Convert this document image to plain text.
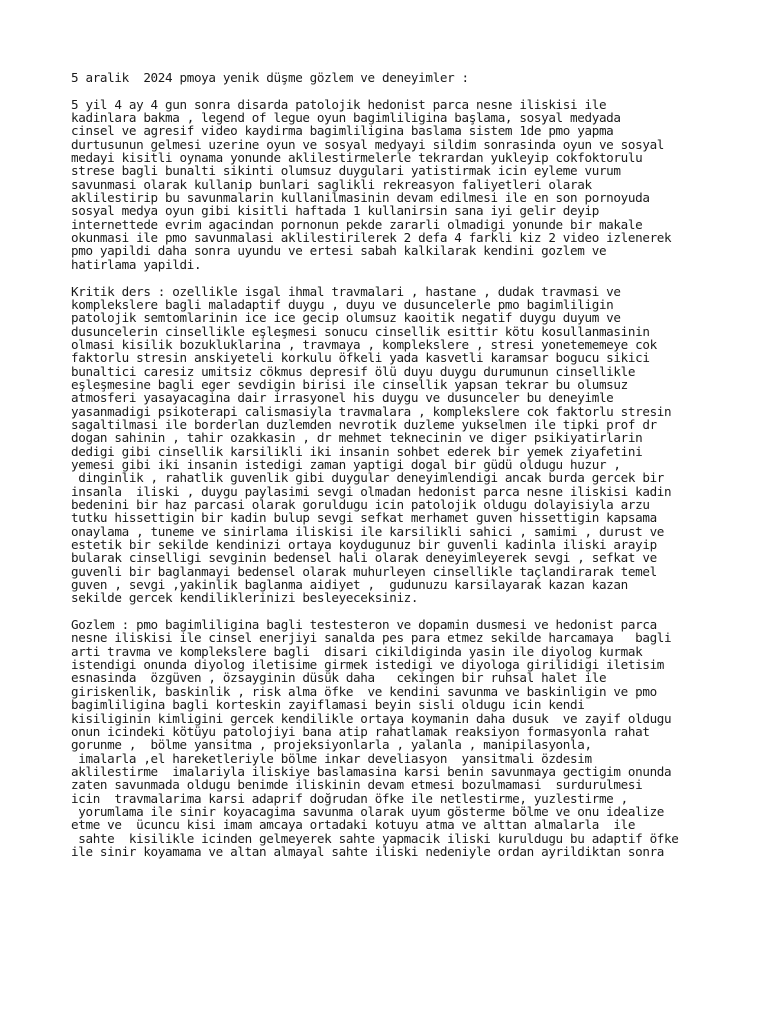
5 aralik  2024 pmoya yenik düşme gözlem ve deneyimler :
5 yil 4 ay 4 gun sonra disarda patolojik hedonist parca nesne iliskisi ile
kadinlara bakma , legend of legue oyun bagimliligina başlama, sosyal medyada
cinsel ve agresif video kaydirma bagimliligina baslama sistem 1de pmo yapma
durtusunun gelmesi uzerine oyun ve sosyal medyayi sildim sonrasinda oyun ve sosyal
medayi kisitli oynama yonunde aklilestirmelerle tekrardan yukleyip cokfoktorulu
strese bagli bunalti sikinti olumsuz duygulari yatistirmak icin eyleme vurum
savunmasi olarak kullanip bunlari saglikli rekreasyon faliyetleri olarak
aklilestirip bu savunmalarin kullanilmasinin devam edilmesi ile en son pornoyuda
sosyal medya oyun gibi kisitli haftada 1 kullanirsin sana iyi gelir deyip
internettede evrim agacindan pornonun pekde zararli olmadigi yonunde bir makale
okunmasi ile pmo savunmalasi aklilestirilerek 2 defa 4 farkli kiz 2 video izlenerek
pmo yapildi daha sonra uyundu ve ertesi sabah kalkilarak kendini gozlem ve
hatirlama yapildi.
Kritik ders : ozellikle isgal ihmal travmalari , hastane , dudak travmasi ve
komplekslere bagli maladaptif duygu , duyu ve dusuncelerle pmo bagimliligin
patolojik semtomlarinin ice ice gecip olumsuz kaoitik negatif duygu duyum ve
dusuncelerin cinsellikle eşleşmesi sonucu cinsellik esittir kötu kosullanmasinin
olmasi kisilik bozukluklarina , travmaya , komplekslere , stresi yonetememeye cok
faktorlu stresin anskiyeteli korkulu öfkeli yada kasvetli karamsar bogucu sikici
bunaltici caresiz umitsiz cökmus depresif ölü duyu duygu durumunun cinsellikle
eşleşmesine bagli eger sevdigin birisi ile cinsellik yapsan tekrar bu olumsuz
atmosferi yasayacagina dair irrasyonel his duygu ve dusunceler bu deneyimle
yasanmadigi psikoterapi calismasiyla travmalara , komplekslere cok faktorlu stresin
sagaltilmasi ile borderlan duzlemden nevrotik duzleme yukselmen ile tipki prof dr
dogan sahinin , tahir ozakkasin , dr mehmet teknecinin ve diger psikiyatirlarin
dedigi gibi cinsellik karsilikli iki insanin sohbet ederek bir yemek ziyafetini
yemesi gibi iki insanin istedigi zaman yaptigi dogal bir güdü oldugu huzur ,
dinginlik , rahatlik guvenlik gibi duygular deneyimlendigi ancak burda gercek bir
insanla  iliski , duygu paylasimi sevgi olmadan hedonist parca nesne iliskisi kadin
bedenini bir haz parcasi olarak goruldugu icin patolojik oldugu dolayisiyla arzu
tutku hissettigin bir kadin bulup sevgi sefkat merhamet guven hissettigin kapsama
onaylama , tuneme ve sinirlama iliskisi ile karsilikli sahici , samimi , durust ve
estetik bir sekilde kendinizi ortaya koydugunuz bir guvenli kadinla iliski arayip
bularak cinselligi sevginin bedensel hali olarak deneyimleyerek sevgi , sefkat ve
guvenli bir baglanmayi bedensel olarak muhurleyen cinsellikle taçlandirarak temel
guven , sevgi ,yakinlik baglanma aidiyet ,  gudunuzu karsilayarak kazan kazan
sekilde gercek kendiliklerinizi besleyeceksiniz.
Gozlem : pmo bagimliligina bagli testesteron ve dopamin dusmesi ve hedonist parca
nesne iliskisi ile cinsel enerjiyi sanalda pes para etmez sekilde harcamaya   bagli
arti travma ve komplekslere bagli  disari cikildiginda yasin ile diyolog kurmak
istendigi onunda diyolog iletisime girmek istedigi ve diyologa girilidigi iletisim
esnasinda  özgüven , özsayginin düsük daha   cekingen bir ruhsal halet ile
giriskenlik, baskinlik , risk alma öfke  ve kendini savunma ve baskinligin ve pmo
bagimliligina bagli korteskin zayiflamasi beyin sisli oldugu icin kendi
kisiliginin kimligini gercek kendilikle ortaya koymanin daha dusuk  ve zayif oldugu
onun icindeki kötüyu patolojiyi bana atip rahatlamak reaksiyon formasyonla rahat
gorunme ,  bölme yansitma , projeksiyonlarla , yalanla , manipilasyonla,
imalarla ,el hareketleriyle bölme inkar develiasyon  yansitmali özdesim
aklilestirme  imalariyla iliskiye baslamasina karsi benin savunmaya gectigim onunda
zaten savunmada oldugu benimde iliskinin devam etmesi bozulmamasi  surdurulmesi
icin  travmalarima karsi adaprif doğrudan öfke ile netlestirme, yuzlestirme ,
yorumlama ile sinir koyacagima savunma olarak uyum gösterme bölme ve onu idealize
etme ve  ücuncu kisi imam amcaya ortadaki kotuyu atma ve alttan almalarla  ile
sahte  kisilikle icinden gelmeyerek sahte yapmacik iliski kuruldugu bu adaptif öfke
ile sinir koyamama ve altan almayal sahte iliski nedeniyle ordan ayrildiktan sonra
